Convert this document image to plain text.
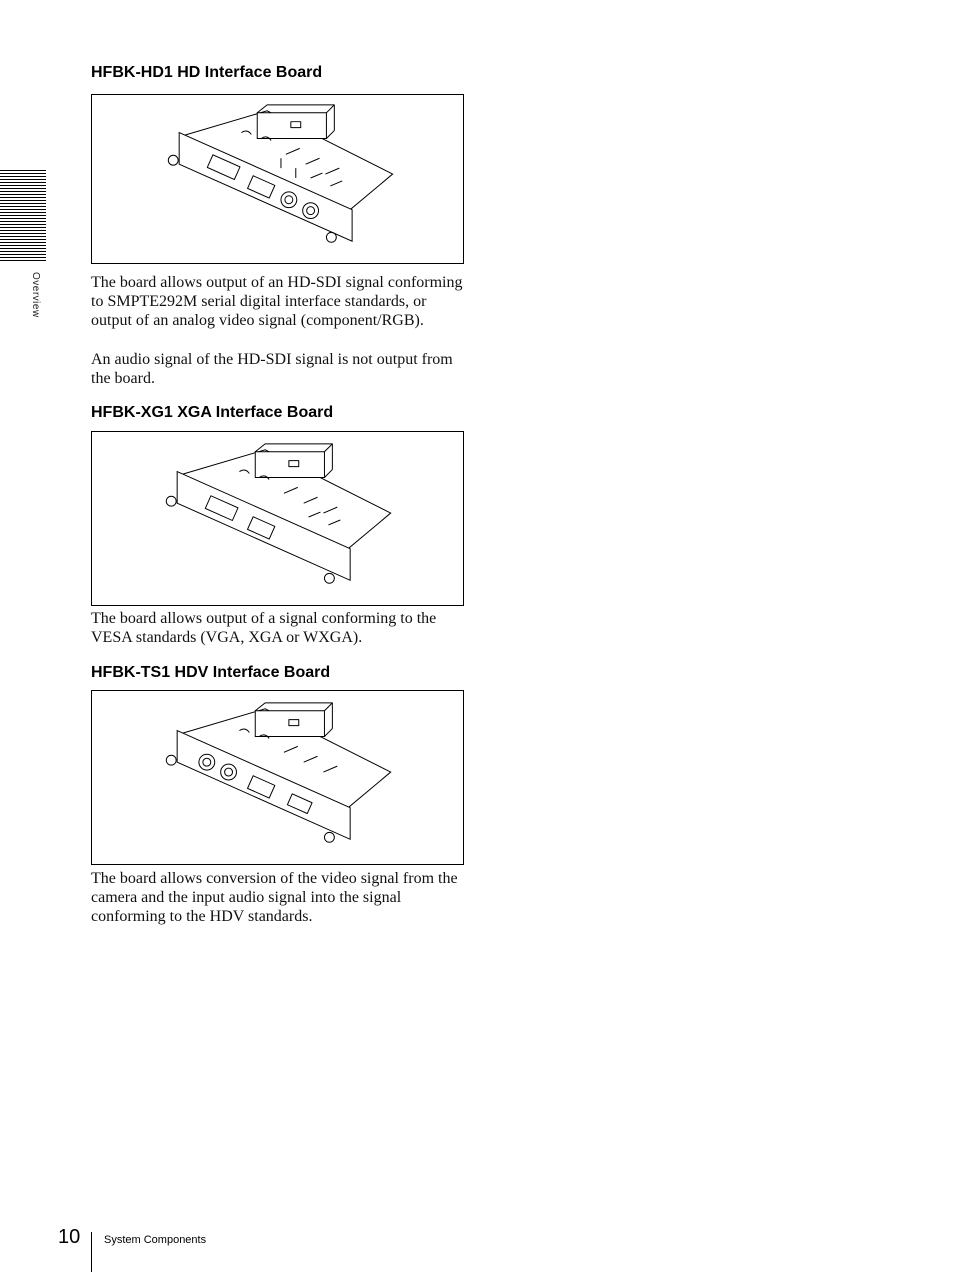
Overview
HFBK-HD1 HD Interface Board

The board allows output of an HD-SDI signal conforming to SMPTE292M serial digital interface standards, or output of an analog video signal (component/RGB).

An audio signal of the HD-SDI signal is not output from the board.

HFBK-XG1 XGA Interface Board

The board allows output of a signal conforming to the VESA standards (VGA, XGA or WXGA).

HFBK-TS1 HDV Interface Board

The board allows conversion of the video signal from the camera and the input audio signal into the signal conforming to the HDV standards.

10 System Components
